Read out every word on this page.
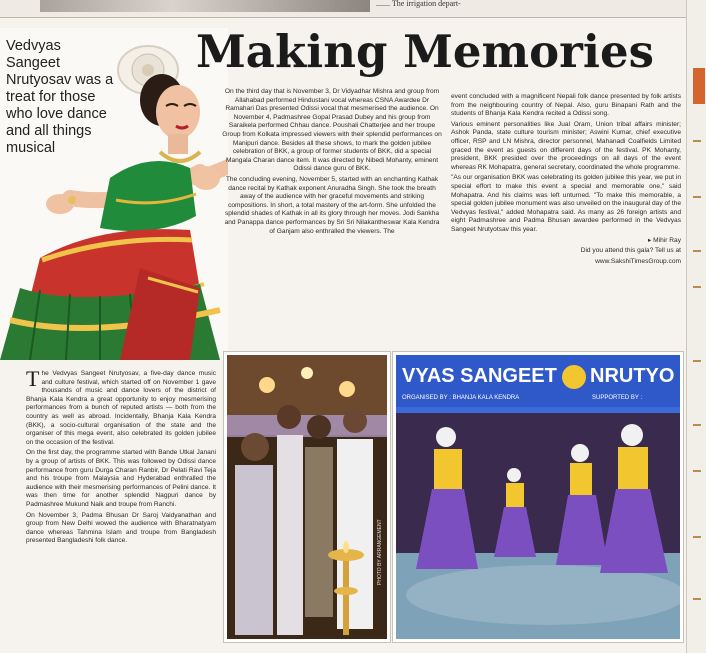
....... The irrigation depart-
Vedvyas Sangeet Nrutyosav was a treat for those who love dance and all things musical
Making Memories

On the third day that is November 3, Dr Vidyadhar Mishra and group from Allahabad performed Hindustani vocal whereas CSNA Awardee Dr Ramahari Das presented Odissi vocal that mesmerised the audience. On November 4, Padmashree Gopal Prasad Dubey and his group from Saraikela performed Chhau dance. Poushali Chatterjee and her troupe Group from Kolkata impressed viewers with their splendid performances on Manipuri dance. Besides all these shows, to mark the golden jubilee celebration of BKK, a group of former students of BKK, did a special Mangala Charan dance item. It was directed by Nibedi Mohanty, eminent Odissi dance guru of BKK.

The concluding evening, November 5, started with an enchanting Kathak dance recital by Kathak exponent Anuradha Singh. She took the breath away of the audience with her graceful movements and striking compositions. In short, a total mastery of the art-form. She unfolded the splendid shades of Kathak in all its glory through her moves. Jodi Sankha and Panappa dance performances by Sri Sri Nilakantheswar Kala Kendra of Ganjam also enthralled the viewers. The

event concluded with a magnificent Nepali folk dance presented by folk artists from the neighbouring country of Nepal. Also, guru Binapani Rath and the students of Bhanja Kala Kendra recited a Odissi song.

Various eminent personalities like Jual Oram, Union tribal affairs minister; Ashok Panda, state culture tourism minister; Aswini Kumar, chief executive officer, RSP and LN Mishra, director personnel, Mahanadi Coalfields Limited graced the event as guests on different days of the festival. PK Mohanty, president, BKK presided over the proceedings on all days of the event whereas RK Mohapatra, general secretary, coordinated the whole programme.

"As our organisation BKK was celebrating its golden jubilee this year, we put in special effort to make this event a special and memorable one," said Mohapatra. And his claims was left unturned. "To make this memorable, a special golden jubilee monument was also unveiled on the inaugural day of the Vedvyas festival," added Mohapatra said. As many as 26 foreign artists and eight Padmashree and Padma Bhusan awardee performed in the Vedvyas Sangeet Nrutyotsav this year.

▸ Mihir Ray

Did you attend this gala? Tell us at

www.SakshiTimesGroup.com

The Vedvyas Sangeet Nrutyosav, a five-day dance music and culture festival, which started off on November 1 gave thousands of music and dance lovers of the district of Bhanja Kala Kendra a great opportunity to enjoy mesmerising performances from a bunch of reputed artists — both from the country as well as abroad. Incidentally, Bhanja Kala Kendra (BKK), a socio-cultural organisation of the state and the organiser of this mega event, also celebrated its golden jubilee on the occasion of the festival.

On the first day, the programme started with Bande Utkal Janani by a group of artists of BKK. This was followed by Odissi dance performance from guru Durga Charan Ranbir, Dr Pelati Ravi Teja and his troupe from Malaysia and Hyderabad enthralled the audience with their mesmerising performances of Pelini dance. It was then time for another splendid Nagpuri dance by Padmashree Mukund Naik and troupe from Ranchi.

On November 3, Padma Bhusan Dr Saroj Vaidyanathan and group from New Delhi wowed the audience with Bharatnatyam dance whereas Tahmina Islam and troupe from Bangladesh presented Bangladeshi folk dance.	PHOTO BY ARRANGEMENT
VYAS SANGEET NRUTYO
ORGANISED BY : BHANJA KALA KENDRA	SUPPORTED BY :
